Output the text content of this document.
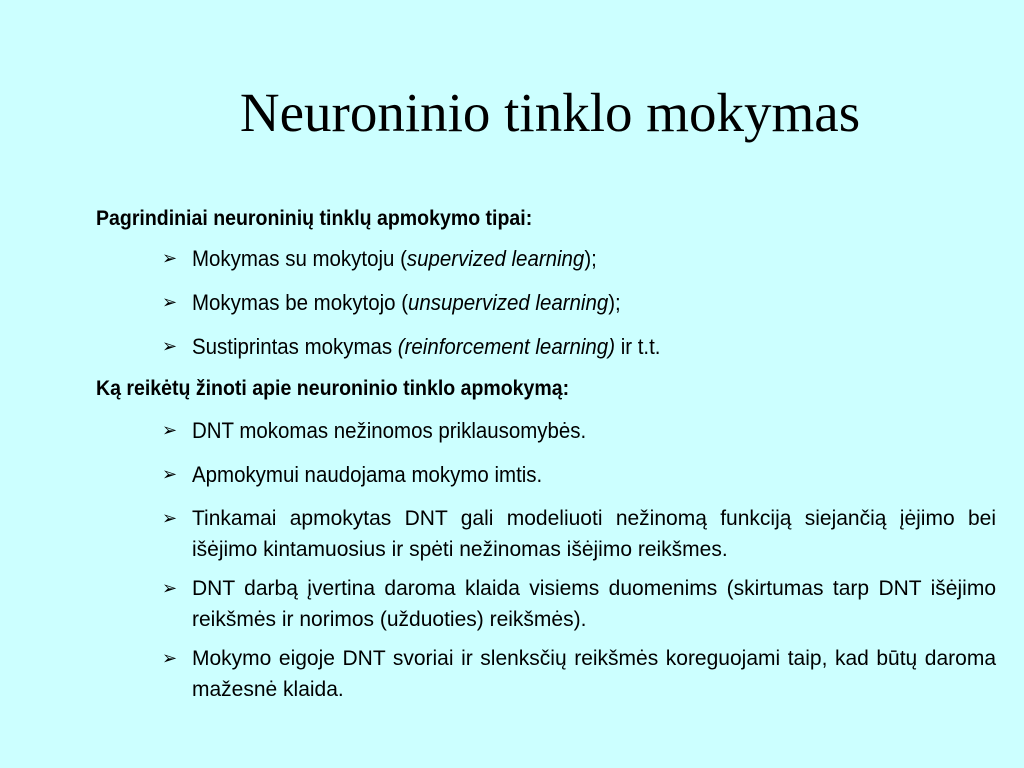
Neuroninio tinklo mokymas

Pagrindiniai neuroninių tinklų apmokymo tipai:

➢ Mokymas su mokytoju (supervized learning);
➢ Mokymas be mokytojo (unsupervized learning);
➢ Sustiprintas mokymas (reinforcement learning) ir t.t.

Ką reikėtų žinoti apie neuroninio tinklo apmokymą:

➢ DNT mokomas nežinomos priklausomybės.
➢ Apmokymui naudojama mokymo imtis.
➢ Tinkamai apmokytas DNT gali modeliuoti nežinomą funkciją siejančią įėjimo bei išėjimo kintamuosius ir spėti nežinomas išėjimo reikšmes.
➢ DNT darbą įvertina daroma klaida visiems duomenims (skirtumas tarp DNT išėjimo reikšmės ir norimos (užduoties) reikšmės).
➢ Mokymo eigoje DNT svoriai ir slenksčių reikšmės koreguojami taip, kad būtų daroma mažesnė klaida.
